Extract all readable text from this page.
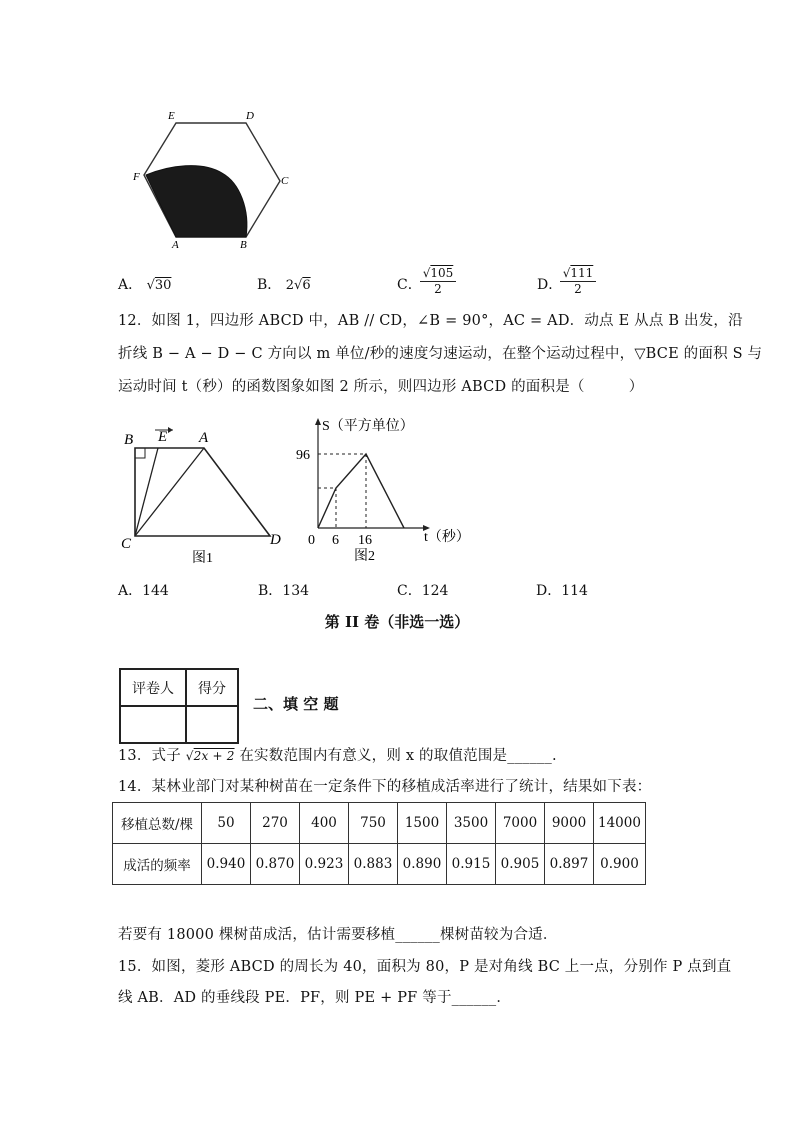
E	D
C
F
A	B
A． √30	B． 2√6	C．
√105
2	D．
√111
2
12．如图 1，四边形 ABCD 中，AB // CD，∠B = 90°，AC = AD．动点 E 从点 B 出发，沿
折线 B − A − D − C 方向以 m 单位/秒的速度匀速运动，在整个运动过程中，▽BCE 的面积 S 与
运动时间 t（秒）的函数图象如图 2 所示，则四边形 ABCD 的面积是（　　　）
B E A
C	D
图1
S（平方单位）
96
0 6 16	t（秒）
图2
A．144	B．134	C．124	D．114
第 II 卷（非选一选）
评卷人	得分

二、填 空 题
13．式子 √2x + 2 在实数范围内有意义，则 x 的取值范围是______.
14．某林业部门对某种树苗在一定条件下的移植成活率进行了统计，结果如下表：
移植总数/棵	50	270	400	750	1500	3500	7000	9000	14000
成活的频率	0.940	0.870	0.923	0.883	0.890	0.915	0.905	0.897	0.900
若要有 18000 棵树苗成活，估计需要移植______棵树苗较为合适．
15．如图，菱形 ABCD 的周长为 40，面积为 80，P 是对角线 BC 上一点，分别作 P 点到直
线 AB．AD 的垂线段 PE．PF，则 PE + PF 等于______．
